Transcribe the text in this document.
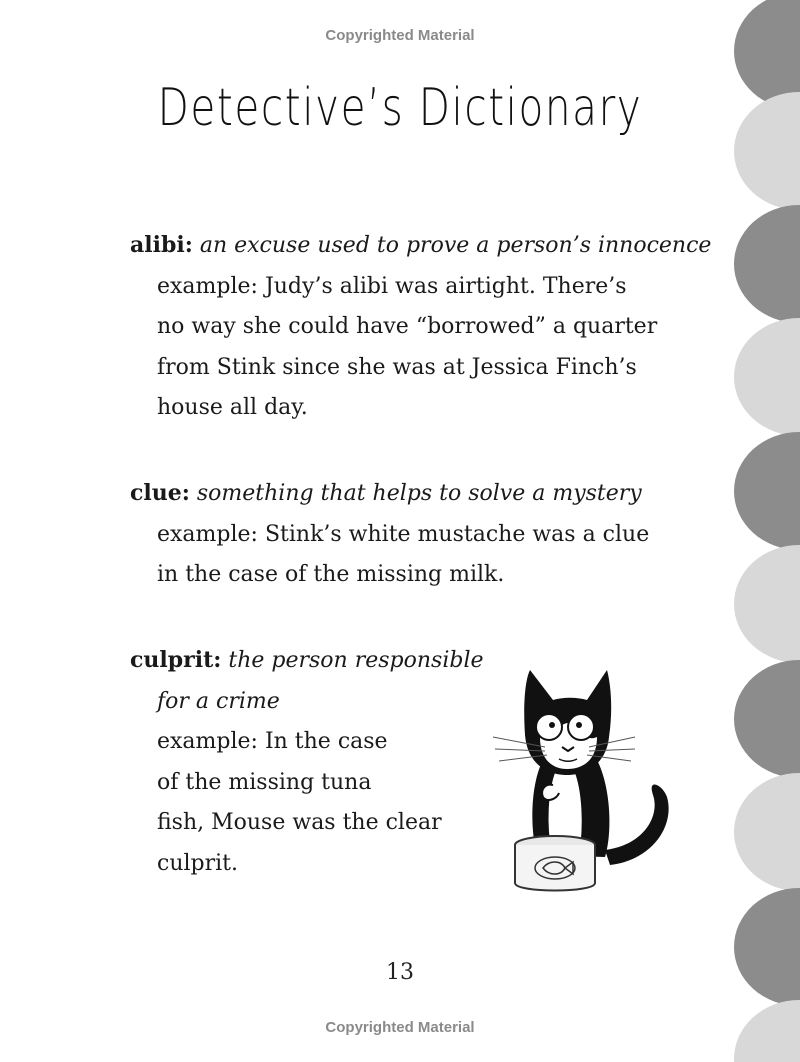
Copyrighted Material
Detective’s Dictionary
alibi: an excuse used to prove a person’s innocence
example: Judy’s alibi was airtight. There’s
no way she could have “borrowed” a quarter
from Stink since she was at Jessica Finch’s
house all day.
clue: something that helps to solve a mystery
example: Stink’s white mustache was a clue
in the case of the missing milk.
culprit: the person responsible
for a crime
example: In the case
of the missing tuna
fish, Mouse was the clear
culprit.
13
Copyrighted Material
